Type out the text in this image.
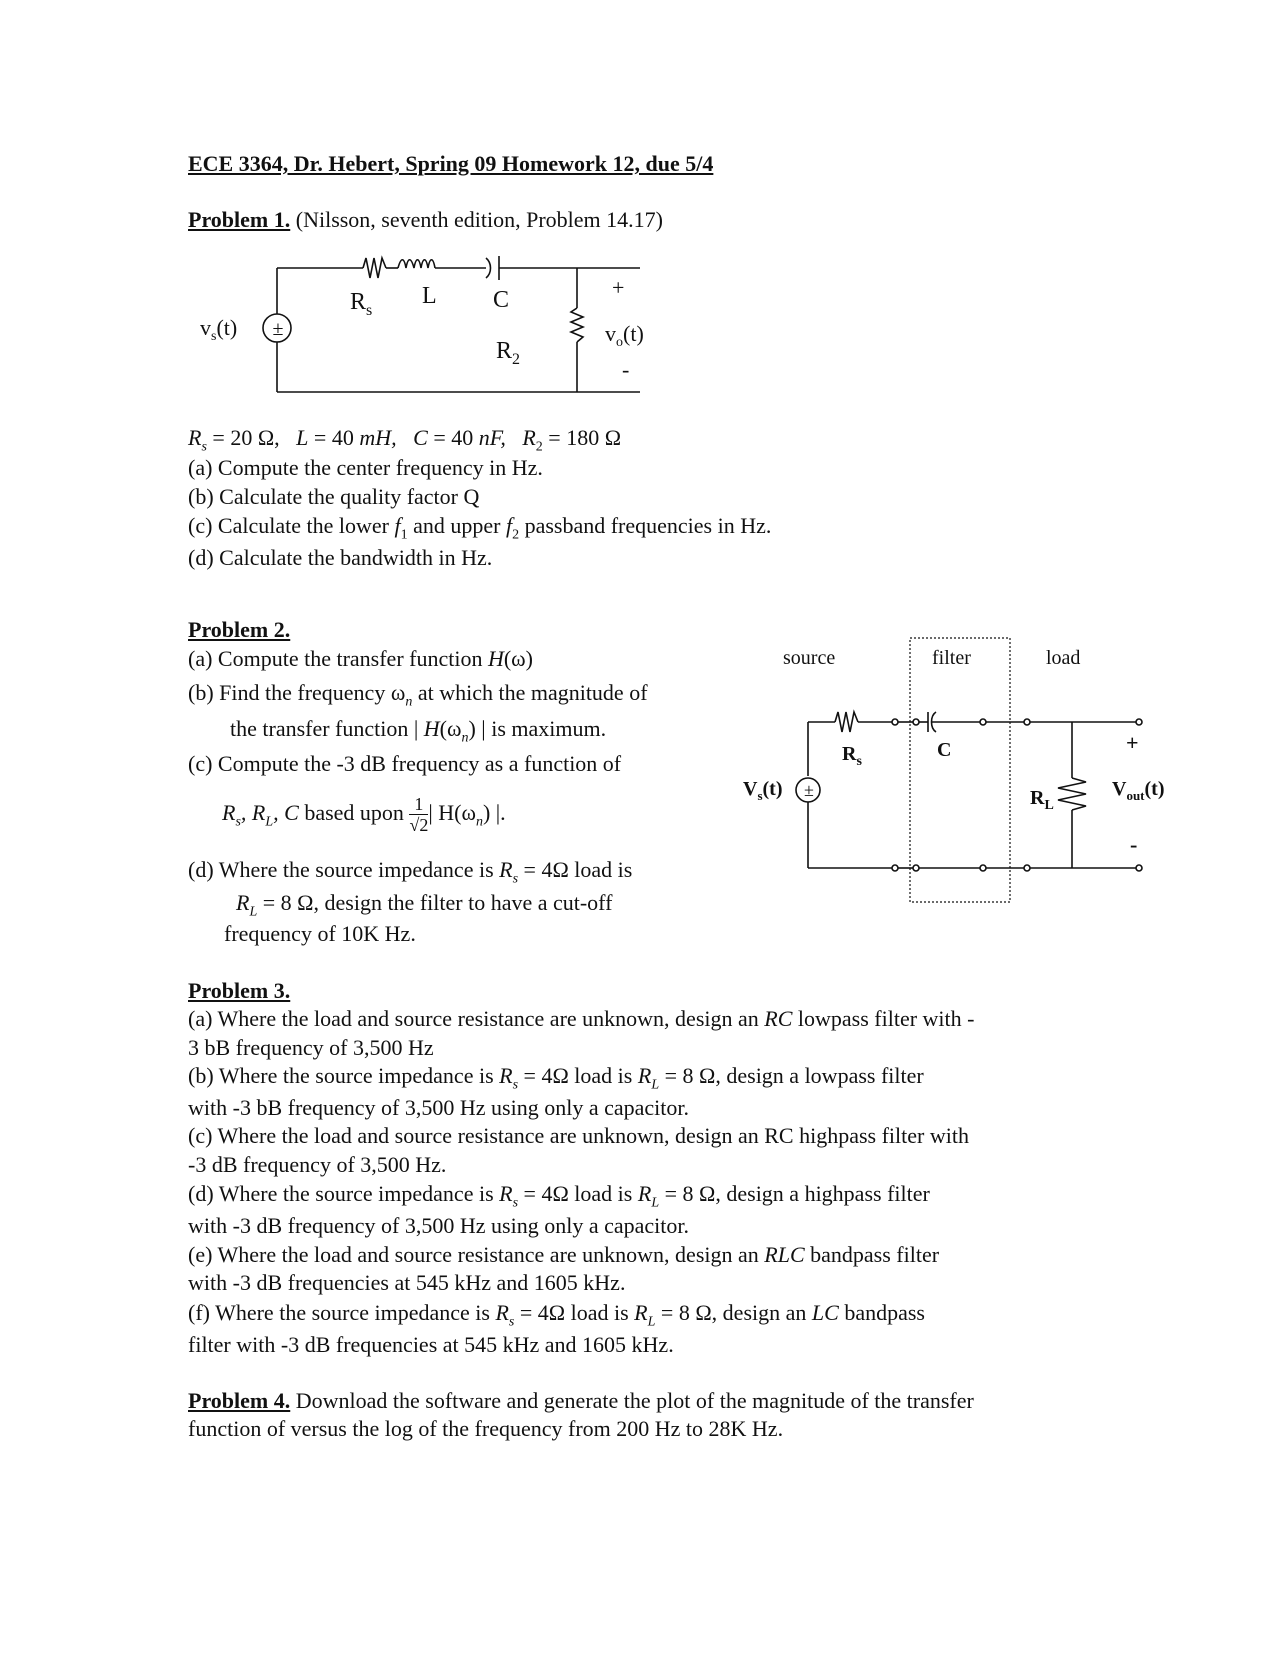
ECE 3364, Dr. Hebert, Spring 09 Homework 12, due 5/4
Problem 1. (Nilsson, seventh edition, Problem 14.17)
±
$R_s$
L C
$R_2$
$v_s(t)$
+
$v_o(t)$
-
$R_s = 20$ Ω, L = 40 mH, C = 40 nF, $R_2 = 180$ Ω
(a) Compute the center frequency in Hz.
(b) Calculate the quality factor Q
(c) Calculate the lower $f_1$ and upper $f_2$ passband frequencies in Hz.
(d) Calculate the bandwidth in Hz.
Problem 2.
(a) Compute the transfer function H(ω)
(b) Find the frequency $\omega_n$ at which the magnitude of
the transfer function | $H(\omega_n)$ | is maximum.
(c) Compute the -3 dB frequency as a function of
$R_s$, $R_L$, C based upon $\frac{1}{√2}$ | $H(\omega_n)$ |.
(d) Where the source impedance is $R_s = 4\Omega$ load is
$R_L = 8$ Ω, design the filter to have a cut-off
frequency of 10K Hz.
±
source	filter	load
$R_s$
C
$R_L$
$V_s(t)$
+
$V_{out}(t)$
-
Problem 3.
(a) Where the load and source resistance are unknown, design an RC lowpass filter with -
3 bB frequency of 3,500 Hz
(b) Where the source impedance is $R_s = 4\Omega$ load is $R_L = 8$ Ω, design a lowpass filter
with -3 bB frequency of 3,500 Hz using only a capacitor.
(c) Where the load and source resistance are unknown, design an RC highpass filter with
-3 dB frequency of 3,500 Hz.
(d) Where the source impedance is $R_s = 4\Omega$ load is $R_L = 8$ Ω, design a highpass filter
with -3 dB frequency of 3,500 Hz using only a capacitor.
(e) Where the load and source resistance are unknown, design an RLC bandpass filter
with -3 dB frequencies at 545 kHz and 1605 kHz.
(f) Where the source impedance is $R_s = 4\Omega$ load is $R_L = 8$ Ω, design an LC bandpass
filter with -3 dB frequencies at 545 kHz and 1605 kHz.
Problem 4. Download the software and generate the plot of the magnitude of the transfer
function of versus the log of the frequency from 200 Hz to 28K Hz.
